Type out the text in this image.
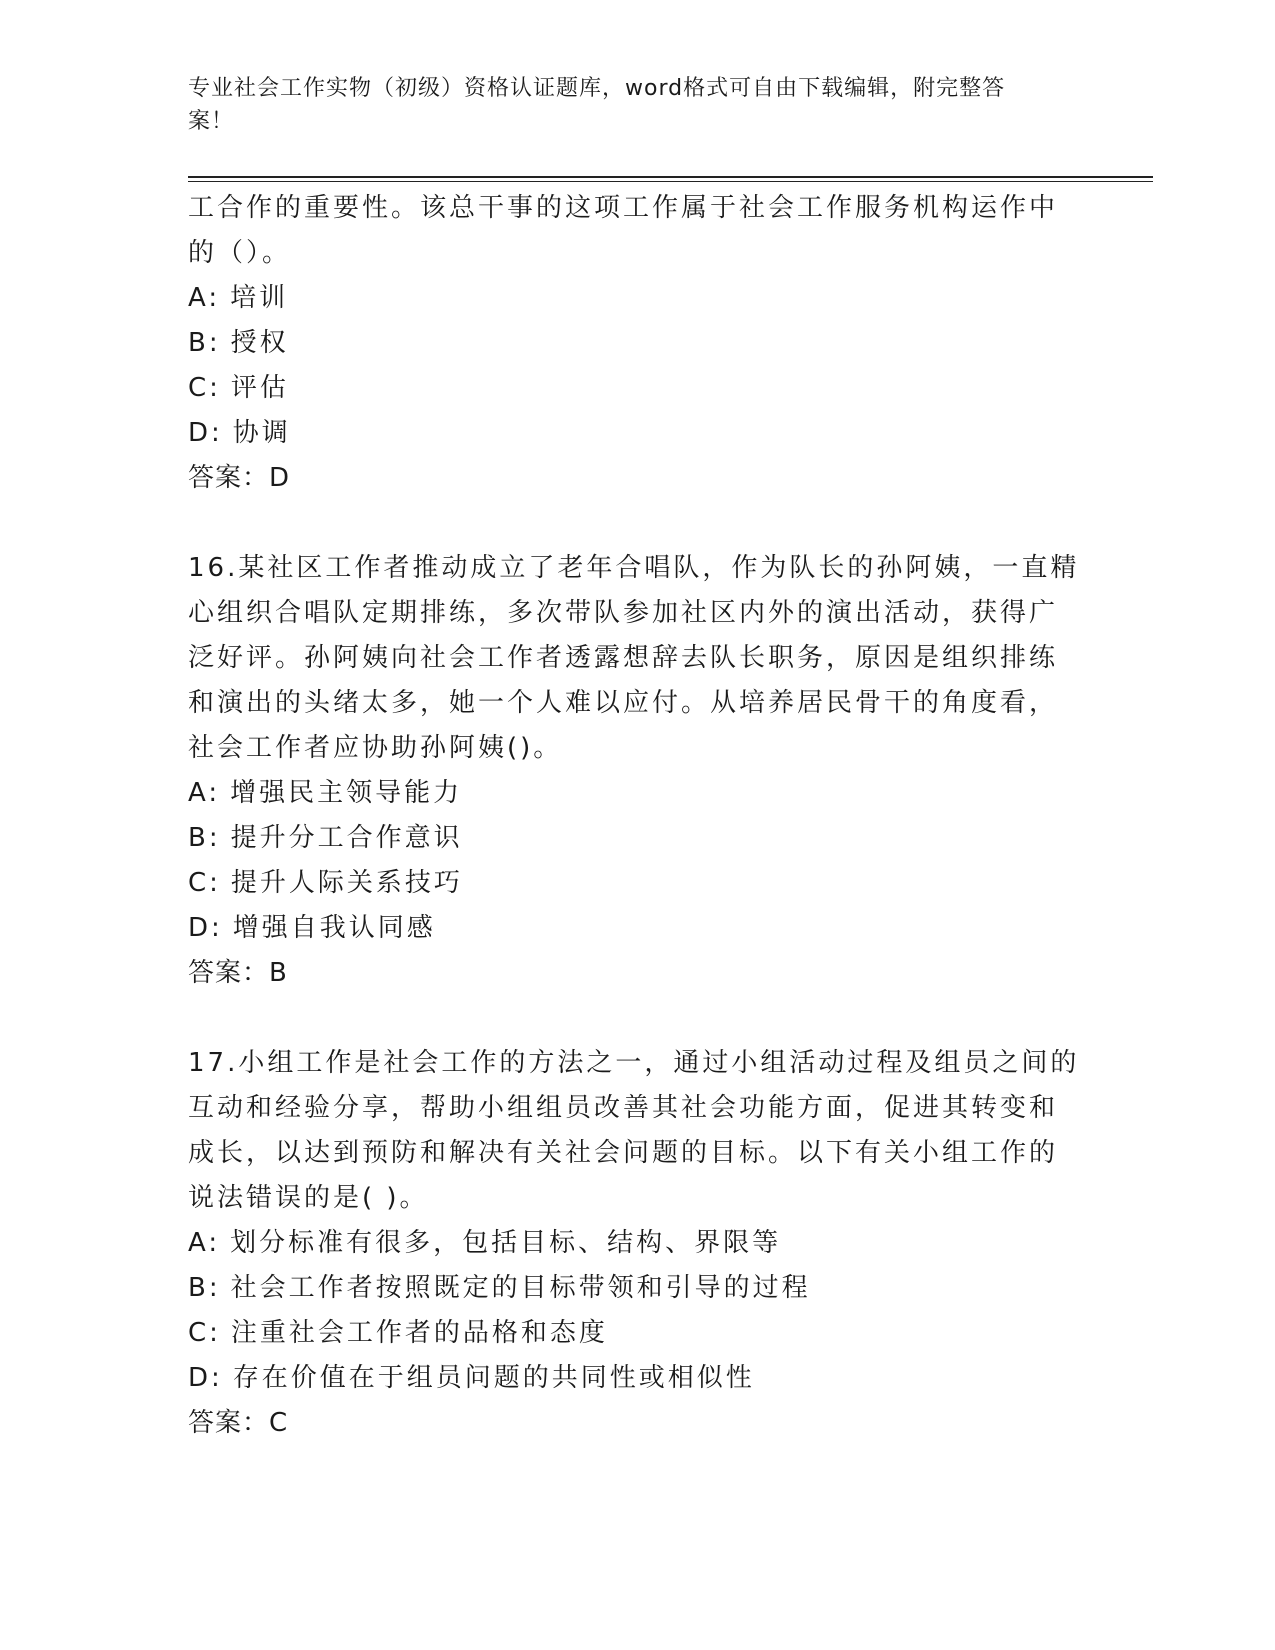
专业社会工作实物（初级）资格认证题库，word格式可自由下载编辑，附完整答
案！
工合作的重要性。该总干事的这项工作属于社会工作服务机构运作中
的（）。
A: 培训
B: 授权
C: 评估
D: 协调
答案：D
16.某社区工作者推动成立了老年合唱队，作为队长的孙阿姨，一直精
心组织合唱队定期排练，多次带队参加社区内外的演出活动，获得广
泛好评。孙阿姨向社会工作者透露想辞去队长职务，原因是组织排练
和演出的头绪太多，她一个人难以应付。从培养居民骨干的角度看，
社会工作者应协助孙阿姨()。
A: 增强民主领导能力
B: 提升分工合作意识
C: 提升人际关系技巧
D: 增强自我认同感
答案：B
17.小组工作是社会工作的方法之一，通过小组活动过程及组员之间的
互动和经验分享，帮助小组组员改善其社会功能方面，促进其转变和
成长，以达到预防和解决有关社会问题的目标。以下有关小组工作的
说法错误的是( )。
A: 划分标准有很多，包括目标、结构、界限等
B: 社会工作者按照既定的目标带领和引导的过程
C: 注重社会工作者的品格和态度
D: 存在价值在于组员问题的共同性或相似性
答案：C
